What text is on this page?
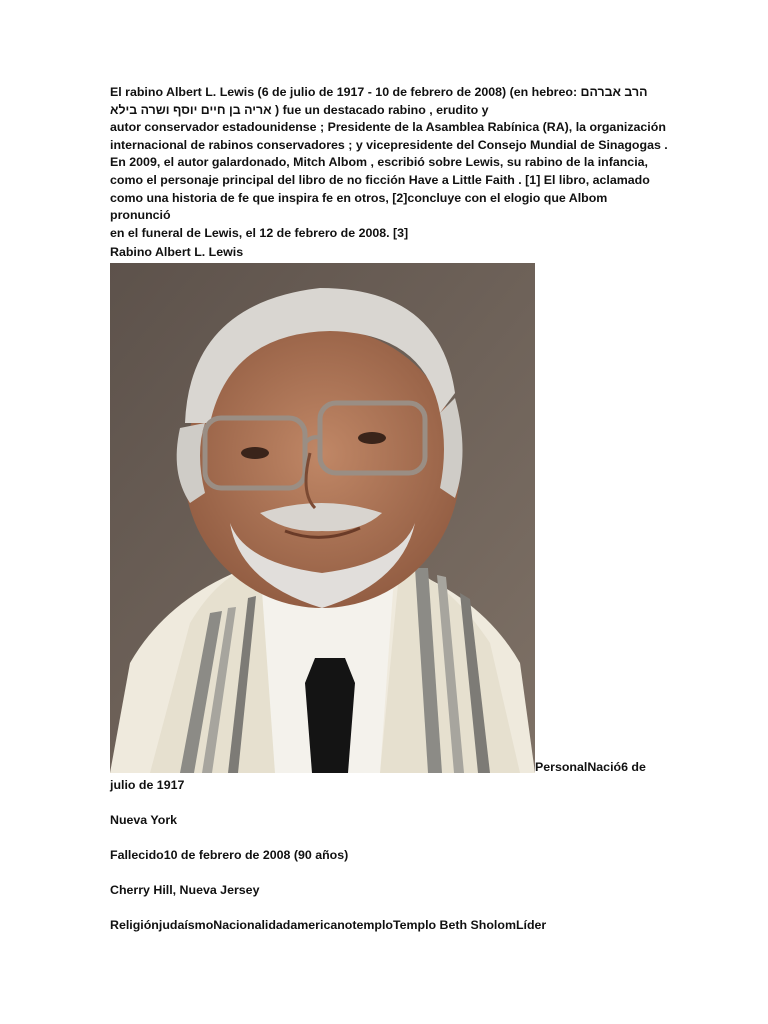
El rabino Albert L. Lewis (6 de julio de 1917 - 10 de febrero de 2008) (en hebreo: הרב אברהם

אריה בן חיים יוסף ושרה בילא ) fue un destacado rabino , erudito y

autor conservador estadounidense ; Presidente de la Asamblea Rabínica (RA), la organización

internacional de rabinos conservadores ; y vicepresidente del Consejo Mundial de Sinagogas .

En 2009, el autor galardonado, Mitch Albom , escribió sobre Lewis, su rabino de la infancia,

como el personaje principal del libro de no ficción Have a Little Faith . [1] El libro, aclamado

como una historia de fe que inspira fe en otros, [2]concluye con el elogio que Albom pronunció

en el funeral de Lewis, el 12 de febrero de 2008. [3]

Rabino Albert L. Lewis
PersonalNació6 de
julio de 1917
Nueva York
Fallecido10 de febrero de 2008 (90 años)
Cherry Hill, Nueva Jersey
ReligiónjudaísmoNacionalidadamericanotemploTemplo Beth SholomLíder
